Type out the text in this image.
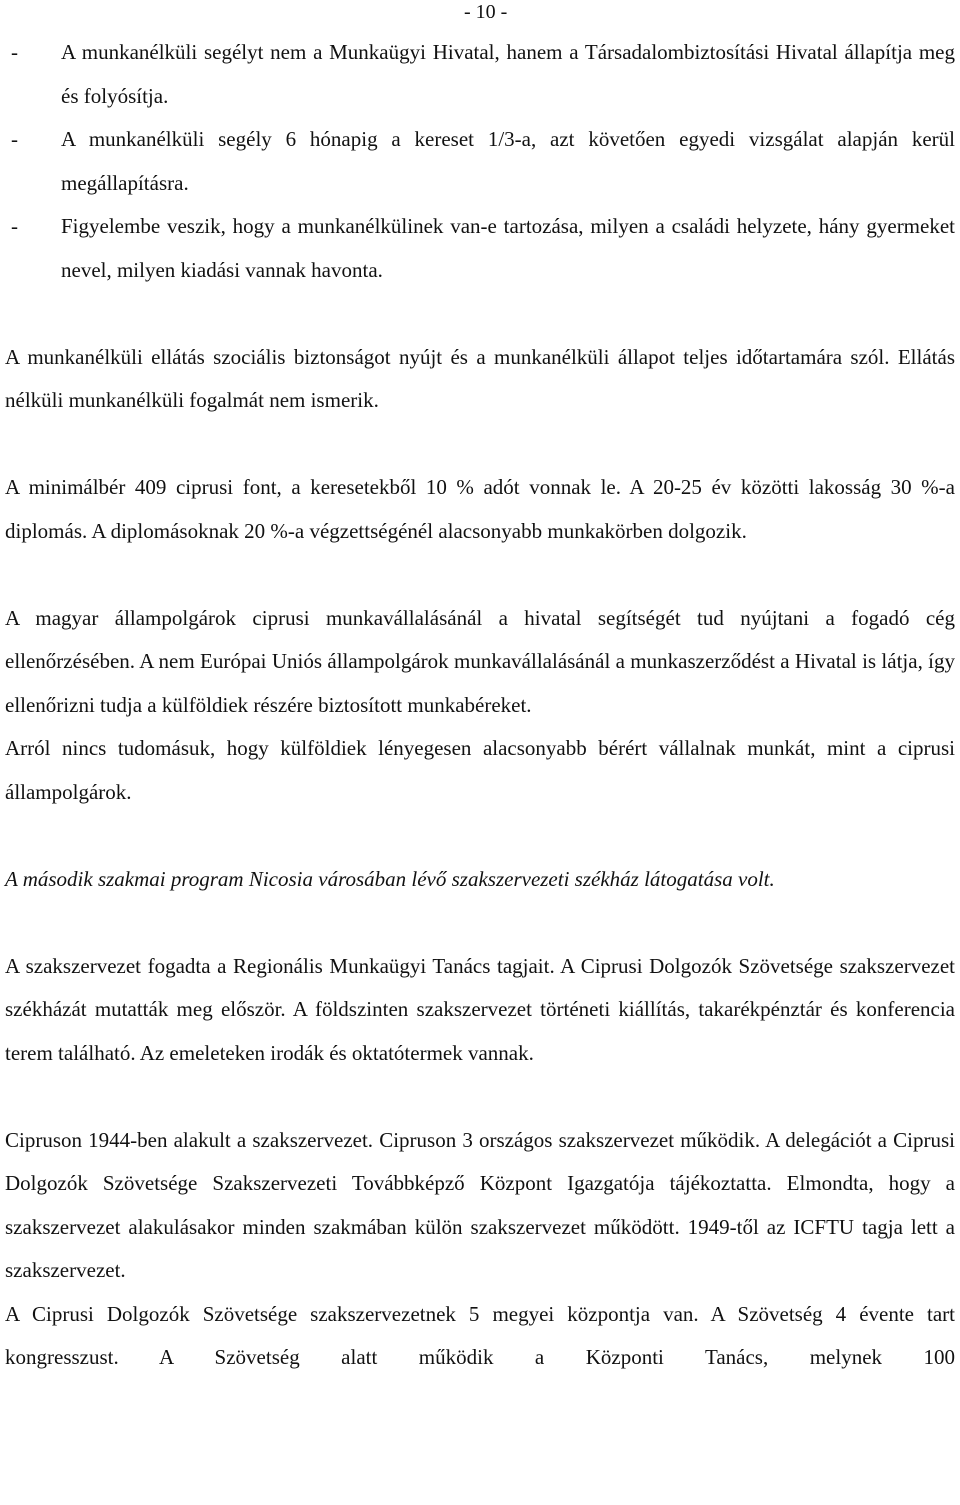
- 10 -
- A munkanélküli segélyt nem a Munkaügyi Hivatal, hanem a Társadalombiztosítási Hivatal állapítja meg és folyósítja.
- A munkanélküli segély 6 hónapig a kereset 1/3-a, azt követően egyedi vizsgálat alapján kerül megállapításra.
- Figyelembe veszik, hogy a munkanélkülinek van-e tartozása, milyen a családi helyzete, hány gyermeket nevel, milyen kiadási vannak havonta.

A munkanélküli ellátás szociális biztonságot nyújt és a munkanélküli állapot teljes időtartamára szól. Ellátás nélküli munkanélküli fogalmát nem ismerik.

A minimálbér 409 ciprusi font, a keresetekből 10 % adót vonnak le. A 20-25 év közötti lakosság 30 %-a diplomás. A diplomásoknak 20 %-a végzettségénél alacsonyabb munkakörben dolgozik.

A magyar állampolgárok ciprusi munkavállalásánál a hivatal segítségét tud nyújtani a fogadó cég ellenőrzésében. A nem Európai Uniós állampolgárok munkavállalásánál a munkaszerződést a Hivatal is látja, így ellenőrizni tudja a külföldiek részére biztosított munkabéreket.

Arról nincs tudomásuk, hogy külföldiek lényegesen alacsonyabb bérért vállalnak munkát, mint a ciprusi állampolgárok.

A második szakmai program Nicosia városában lévő szakszervezeti székház látogatása volt.

A szakszervezet fogadta a Regionális Munkaügyi Tanács tagjait. A Ciprusi Dolgozók Szövetsége szakszervezet székházát mutatták meg először. A földszinten szakszervezet történeti kiállítás, takarékpénztár és konferencia terem található. Az emeleteken irodák és oktatótermek vannak.

Cipruson 1944-ben alakult a szakszervezet. Cipruson 3 országos szakszervezet működik. A delegációt a Ciprusi Dolgozók Szövetsége Szakszervezeti Továbbképző Központ Igazgatója tájékoztatta. Elmondta, hogy a szakszervezet alakulásakor minden szakmában külön szakszervezet működött. 1949-től az ICFTU tagja lett a szakszervezet.

A Ciprusi Dolgozók Szövetsége szakszervezetnek 5 megyei központja van. A Szövetség 4 évente tart kongresszust. A Szövetség alatt működik a Központi Tanács, melynek 100
